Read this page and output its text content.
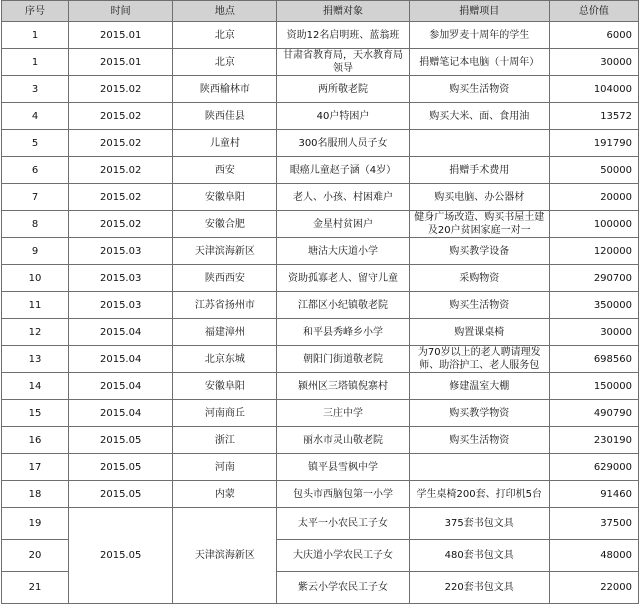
序号	时间	地点	捐赠对象	捐赠项目	总价值
1	2015.01	北京	资助12名启明班、蓝翁班	参加罗麦十周年的学生	6000
1	2015.01	北京	甘肃省教育局，天水教育局领导	捐赠笔记本电脑（十周年）	30000
3	2015.02	陕西榆林市	两所敬老院	购买生活物资	104000
4	2015.02	陕西佳县	40户特困户	购买大米、面、食用油	13572
5	2015.02	儿童村	300名服刑人员子女		191790
6	2015.02	西安	眼癌儿童赵子涵（4岁）	捐赠手术费用	50000
7	2015.02	安徽阜阳	老人、小孩、村困难户	购买电脑、办公器材	20000
8	2015.02	安徽合肥	金星村贫困户	健身广场改造、购买书屋土建及20户贫困家庭一对一	100000
9	2015.03	天津滨海新区	塘沽大庆道小学	购买教学设备	120000
10	2015.03	陕西西安	资助孤寡老人、留守儿童	采购物资	290700
11	2015.03	江苏省扬州市	江都区小纪镇敬老院	购买生活物资	350000
12	2015.04	福建漳州	和平县秀峰乡小学	购置课桌椅	30000
13	2015.04	北京东城	朝阳门街道敬老院	为70岁以上的老人聘请理发师、助浴护工、老人服务包	698560
14	2015.04	安徽阜阳	颍州区三塔镇倪寨村	修建温室大棚	150000
15	2015.04	河南商丘	三庄中学	购买教学物资	490790
16	2015.05	浙江	丽水市灵山敬老院	购买生活物资	230190
17	2015.05	河南	镇平县雪枫中学		629000
18	2015.05	内蒙	包头市西脑包第一小学	学生桌椅200套、打印机5台	91460
19	2015.05	天津滨海新区	太平一小农民工子女	375套书包文具	37500
20			大庆道小学农民工子女	480套书包文具	48000
21			紫云小学农民工子女	220套书包文具	22000
